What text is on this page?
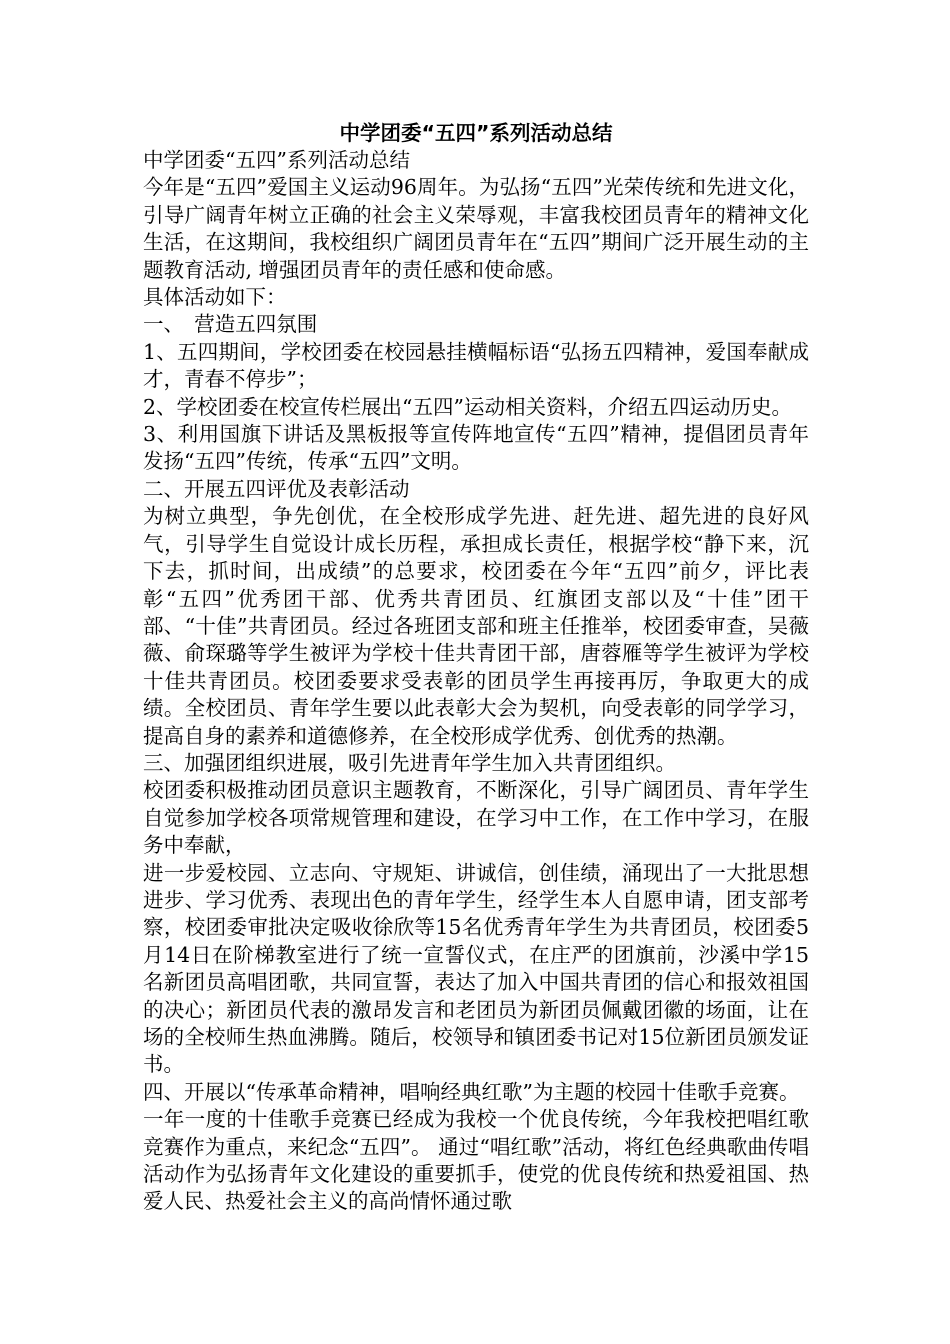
中学团委“五四”系列活动总结

中学团委“五四”系列活动总结

今年是“五四”爱国主义运动96周年。为弘扬“五四”光荣传统和先进文化，引导广阔青年树立正确的社会主义荣辱观，丰富我校团员青年的精神文化生活，在这期间，我校组织广阔团员青年在“五四”期间广泛开展生动的主题教育活动, 增强团员青年的责任感和使命感。

具体活动如下：

一、　营造五四氛围

1、五四期间，学校团委在校园悬挂横幅标语“弘扬五四精神，爱国奉献成才，青春不停步”；

2、学校团委在校宣传栏展出“五四”运动相关资料，介绍五四运动历史。

3、利用国旗下讲话及黑板报等宣传阵地宣传“五四”精神，提倡团员青年发扬“五四”传统，传承“五四”文明。

二、开展五四评优及表彰活动

为树立典型，争先创优，在全校形成学先进、赶先进、超先进的良好风气，引导学生自觉设计成长历程，承担成长责任，根据学校“静下来，沉下去，抓时间，出成绩”的总要求，校团委在今年“五四”前夕，评比表彰“五四”优秀团干部、优秀共青团员、红旗团支部以及“十佳”团干部、“十佳”共青团员。经过各班团支部和班主任推举，校团委审查，吴薇薇、俞琛璐等学生被评为学校十佳共青团干部，唐蓉雁等学生被评为学校十佳共青团员。校团委要求受表彰的团员学生再接再厉，争取更大的成绩。全校团员、青年学生要以此表彰大会为契机，向受表彰的同学学习，提高自身的素养和道德修养，在全校形成学优秀、创优秀的热潮。

三、加强团组织进展，吸引先进青年学生加入共青团组织。

校团委积极推动团员意识主题教育，不断深化，引导广阔团员、青年学生自觉参加学校各项常规管理和建设，在学习中工作，在工作中学习，在服务中奉献，

进一步爱校园、立志向、守规矩、讲诚信，创佳绩，涌现出了一大批思想进步、学习优秀、表现出色的青年学生，经学生本人自愿申请，团支部考察，校团委审批决定吸收徐欣等15名优秀青年学生为共青团员，校团委5月14日在阶梯教室进行了统一宣誓仪式，在庄严的团旗前，沙溪中学15名新团员高唱团歌，共同宣誓，表达了加入中国共青团的信心和报效祖国的决心；新团员代表的激昂发言和老团员为新团员佩戴团徽的场面，让在场的全校师生热血沸腾。随后，校领导和镇团委书记对15位新团员颁发证书。

四、开展以“传承革命精神，唱响经典红歌”为主题的校园十佳歌手竞赛。

一年一度的十佳歌手竞赛已经成为我校一个优良传统，今年我校把唱红歌竞赛作为重点，来纪念“五四”。 通过“唱红歌”活动，将红色经典歌曲传唱活动作为弘扬青年文化建设的重要抓手，使党的优良传统和热爱祖国、热爱人民、热爱社会主义的高尚情怀通过歌
